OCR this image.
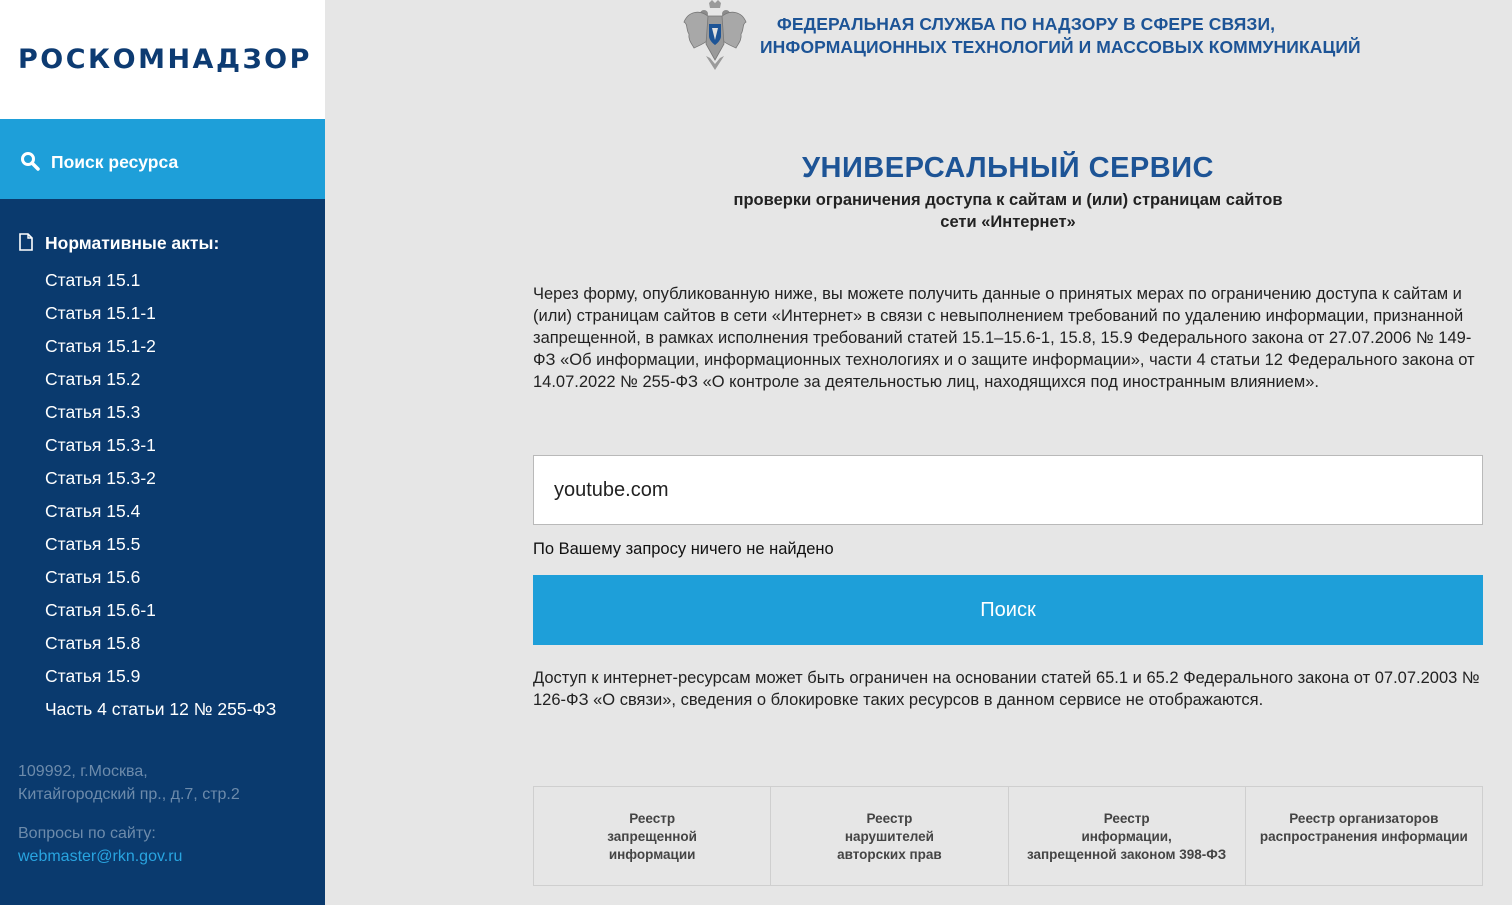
РОСКОМНАДЗОР
Поиск ресурса
Нормативные акты:
Статья 15.1
Статья 15.1-1
Статья 15.1-2
Статья 15.2
Статья 15.3
Статья 15.3-1
Статья 15.3-2
Статья 15.4
Статья 15.5
Статья 15.6
Статья 15.6-1
Статья 15.8
Статья 15.9
Часть 4 статьи 12 № 255-ФЗ
109992, г.Москва,
Китайгородский пр., д.7, стр.2
Вопросы по сайту:
webmaster@rkn.gov.ru
ФЕДЕРАЛЬНАЯ СЛУЖБА ПО НАДЗОРУ В СФЕРЕ СВЯЗИ,
ИНФОРМАЦИОННЫХ ТЕХНОЛОГИЙ И МАССОВЫХ КОММУНИКАЦИЙ
УНИВЕРСАЛЬНЫЙ СЕРВИС
проверки ограничения доступа к сайтам и (или) страницам сайтов
сети «Интернет»
Через форму, опубликованную ниже, вы можете получить данные о принятых мерах по ограничению доступа к сайтам и (или) страницам сайтов в сети «Интернет» в связи с невыполнением требований по удалению информации, признанной запрещенной, в рамках исполнения требований статей 15.1–15.6-1, 15.8, 15.9 Федерального закона от 27.07.2006 № 149-ФЗ «Об информации, информационных технологиях и о защите информации», части 4 статьи 12 Федерального закона от 14.07.2022 № 255-ФЗ «О контроле за деятельностью лиц, находящихся под иностранным влиянием».
youtube.com
По Вашему запросу ничего не найдено
Поиск
Доступ к интернет-ресурсам может быть ограничен на основании статей 65.1 и 65.2 Федерального закона от 07.07.2003 № 126-ФЗ «О связи», сведения о блокировке таких ресурсов в данном сервисе не отображаются.
Реестр
запрещенной
информации
Реестр
нарушителей
авторских прав
Реестр
информации,
запрещенной законом 398-ФЗ
Реестр организаторов
распространения информации
